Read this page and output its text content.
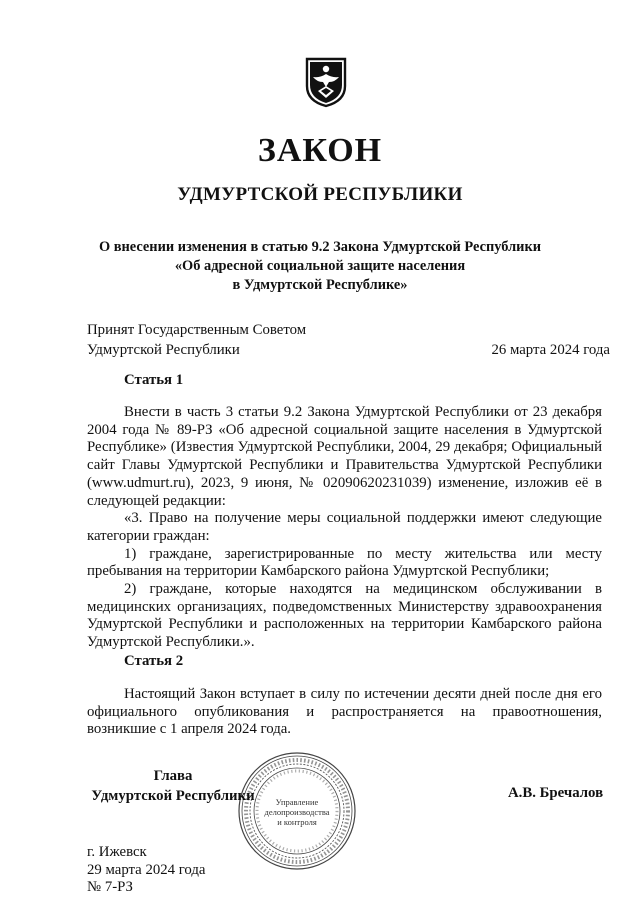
ЗАКОН
УДМУРТСКОЙ РЕСПУБЛИКИ
О внесении изменения в статью 9.2 Закона Удмуртской Республики
«Об адресной социальной защите населения
в Удмуртской Республике»
Принят Государственным Советом
Удмуртской Республики	26 марта 2024 года
Статья 1

Внести в часть 3 статьи 9.2 Закона Удмуртской Республики от 23 декабря 2004 года № 89-РЗ «Об адресной социальной защите населения в Удмуртской Республике» (Известия Удмуртской Республики, 2004, 29 декабря; Официальный сайт Главы Удмуртской Республики и Правительства Удмуртской Республики (www.udmurt.ru), 2023, 9 июня, № 02090620231039) изменение, изложив её в следующей редакции:

«3. Право на получение меры социальной поддержки имеют следующие категории граждан:

1) граждане, зарегистрированные по месту жительства или месту пребывания на территории Камбарского района Удмуртской Республики;

2) граждане, которые находятся на медицинском обслуживании в медицинских организациях, подведомственных Министерству здравоохранения Удмуртской Республики и расположенных на территории Камбарского района Удмуртской Республики.».

Статья 2

Настоящий Закон вступает в силу по истечении десяти дней после дня его официального опубликования и распространяется на правоотношения, возникшие с 1 апреля 2024 года.

Управление
делопроизводства
и контроля
Глава
Удмуртской Республики	А.В. Бречалов
г. Ижевск
29 марта 2024 года
№ 7-РЗ
